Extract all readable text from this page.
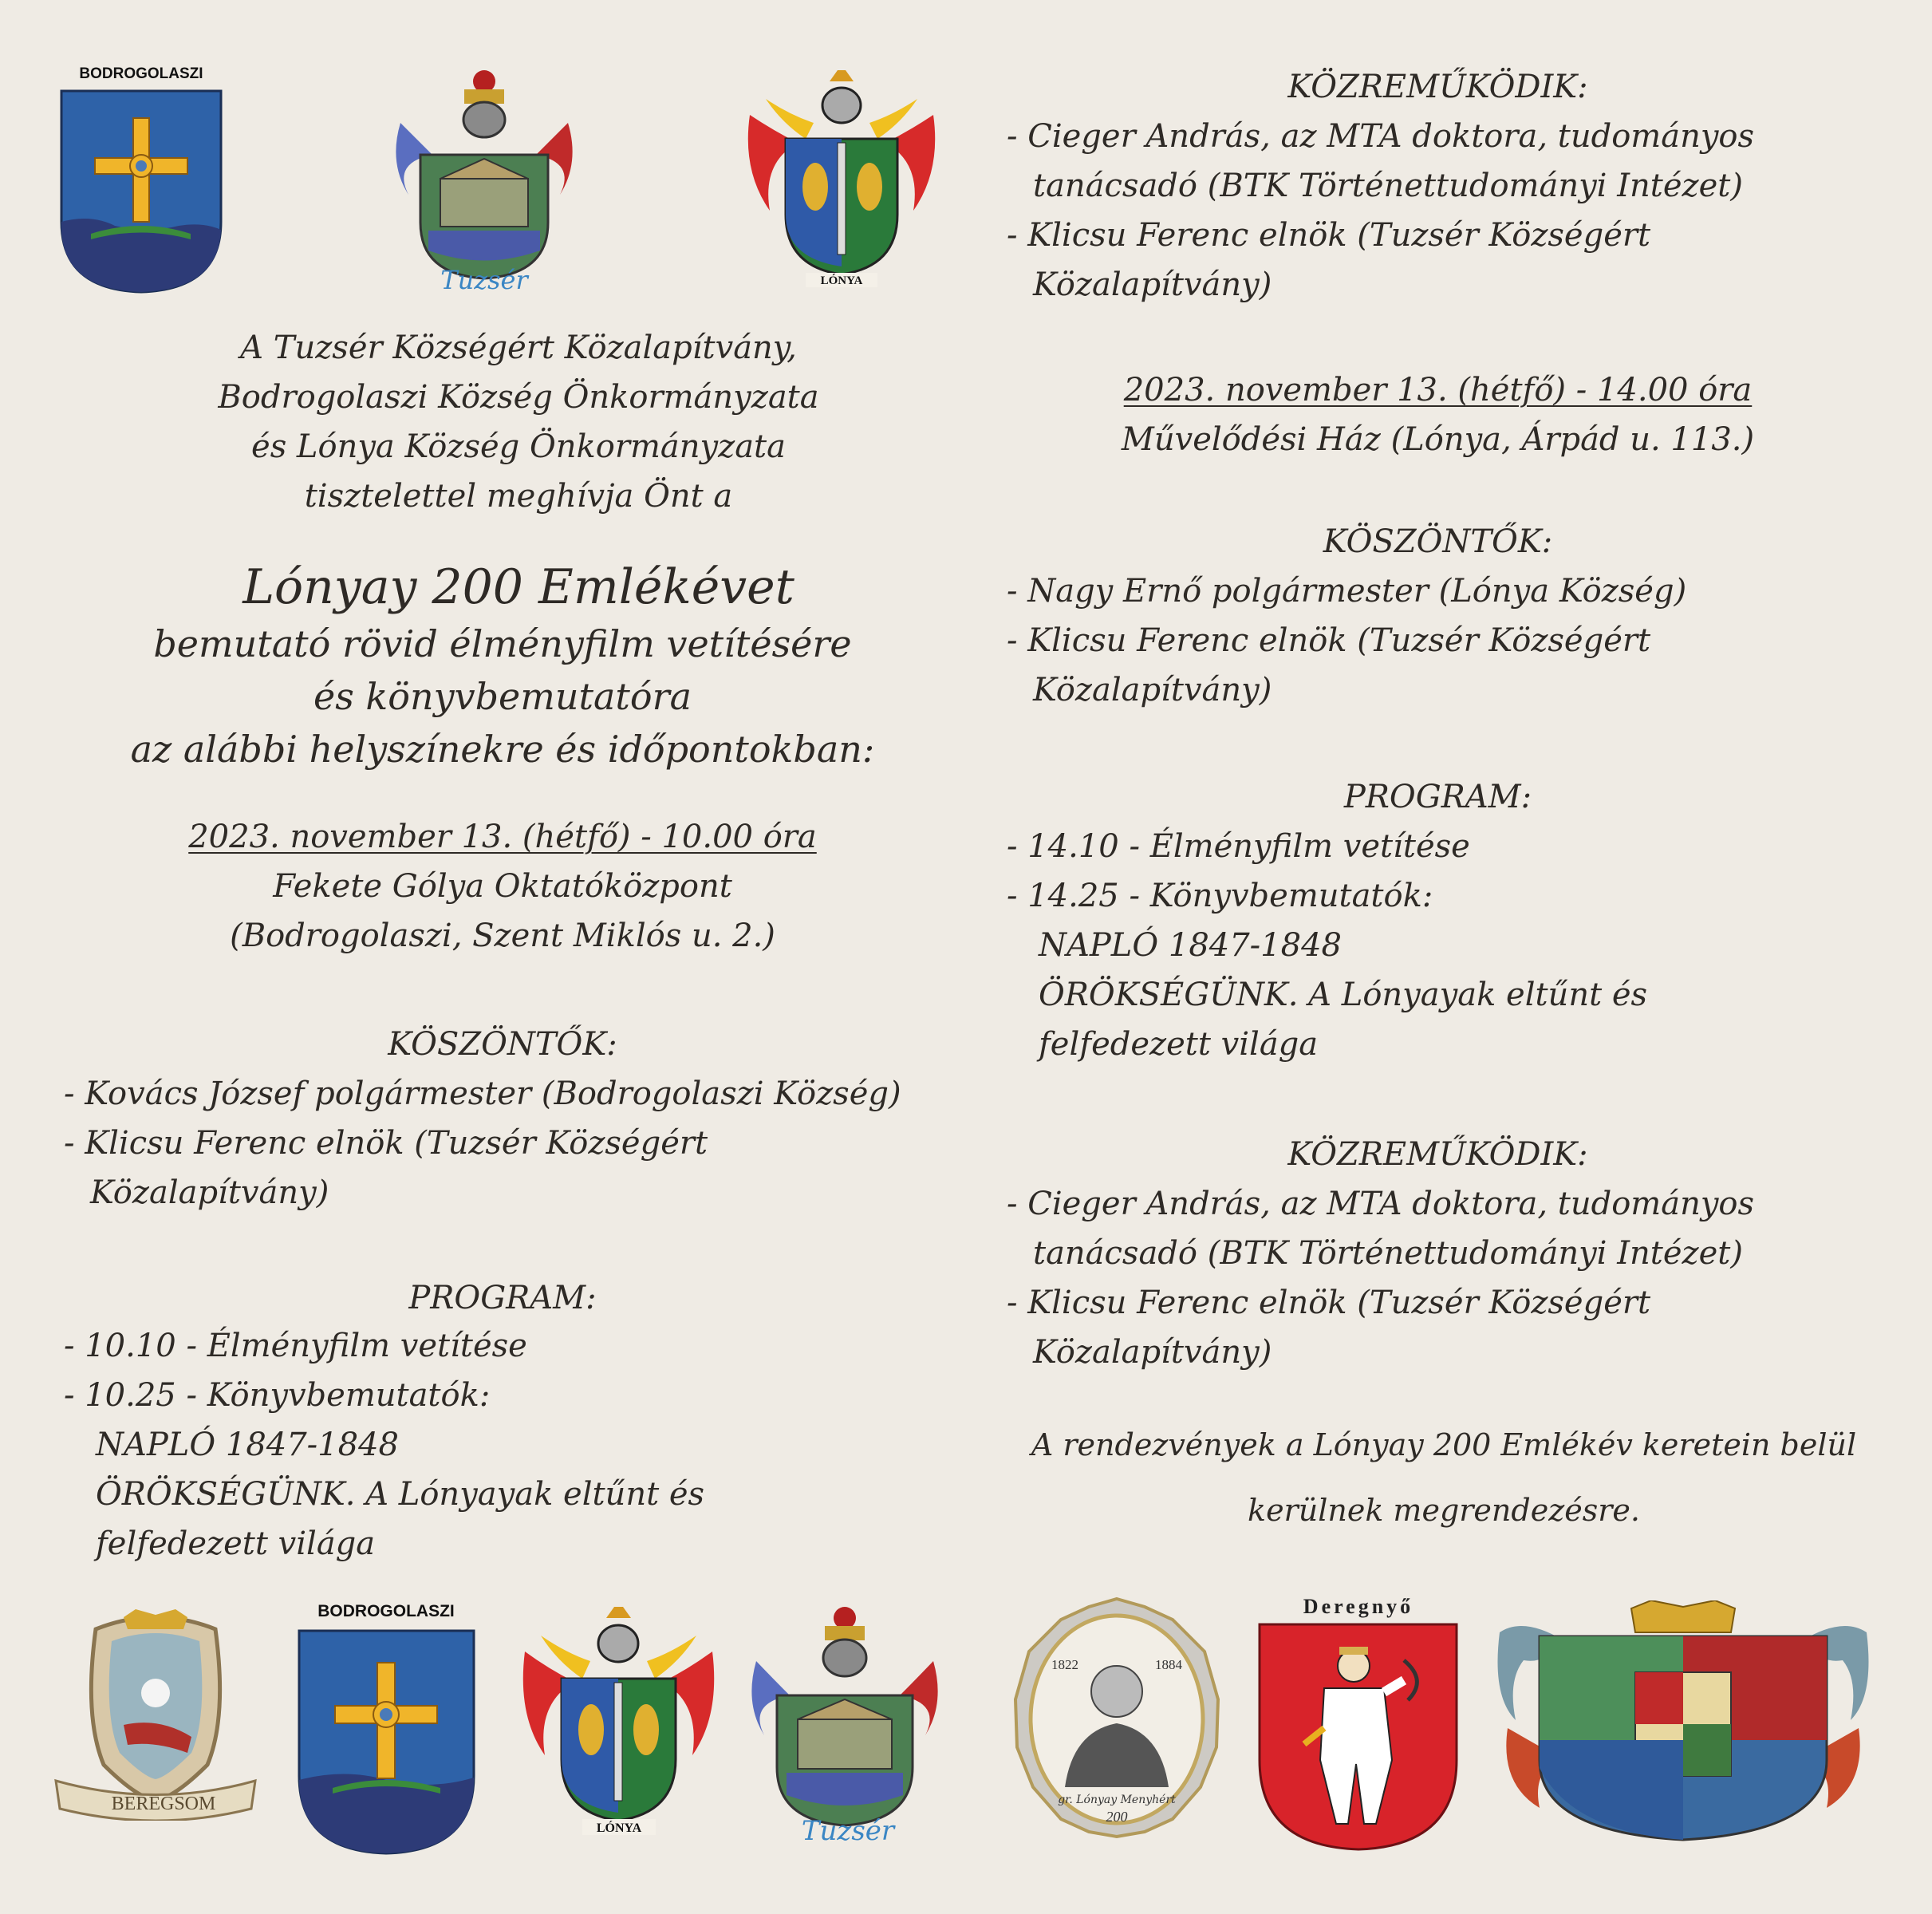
BODROGOLASZI
Tuzsér	LÓNYA
A Tuzsér Községért Közalapítvány,
Bodrogolaszi Község Önkormányzata
és Lónya Község Önkormányzata
tisztelettel meghívja Önt a
Lónyay 200 Emlékévet
bemutató rövid élményfilm vetítésére
és könyvbemutatóra
az alábbi helyszínekre és időpontokban:
2023. november 13. (hétfő) - 10.00 óra
Fekete Gólya Oktatóközpont
(Bodrogolaszi, Szent Miklós u. 2.)
KÖSZÖNTŐK:
- Kovács József polgármester (Bodrogolaszi Község)
- Klicsu Ferenc elnök (Tuzsér Községért
Közalapítvány)
PROGRAM:
- 10.10 - Élményfilm vetítése
- 10.25 - Könyvbemutatók:
NAPLÓ 1847-1848
ÖRÖKSÉGÜNK. A Lónyayak eltűnt és
felfedezett világa
KÖZREMŰKÖDIK:
- Cieger András, az MTA doktora, tudományos
tanácsadó (BTK Történettudományi Intézet)
- Klicsu Ferenc elnök (Tuzsér Községért
Közalapítvány)
2023. november 13. (hétfő) - 14.00 óra
Művelődési Ház (Lónya, Árpád u. 113.)
KÖSZÖNTŐK:
- Nagy Ernő polgármester (Lónya Község)
- Klicsu Ferenc elnök (Tuzsér Községért
Közalapítvány)
PROGRAM:
- 14.10 - Élményfilm vetítése
- 14.25 - Könyvbemutatók:
NAPLÓ 1847-1848
ÖRÖKSÉGÜNK. A Lónyayak eltűnt és
felfedezett világa
KÖZREMŰKÖDIK:
- Cieger András, az MTA doktora, tudományos
tanácsadó (BTK Történettudományi Intézet)
- Klicsu Ferenc elnök (Tuzsér Községért
Közalapítvány)
A rendezvények a Lónyay 200 Emlékév keretein belül
kerülnek megrendezésre.
BEREGSOM
BODROGOLASZI
LÓNYA	Tuzsér
1822	1884
gr. Lónyay Menyhért
200
Deregnyő
